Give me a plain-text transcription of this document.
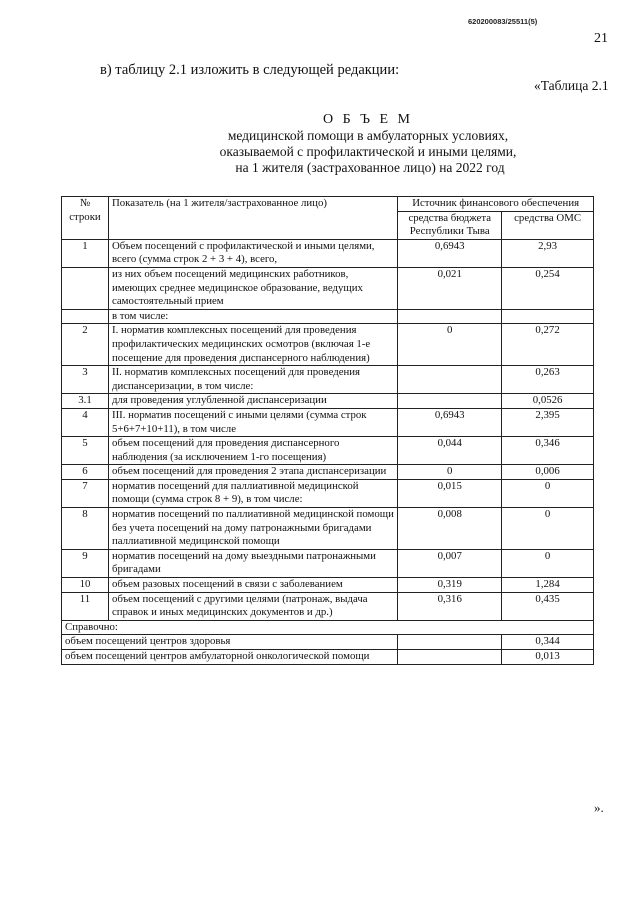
620200083/25511(5)
21
в) таблицу 2.1 изложить в следующей редакции:
«Таблица 2.1
О Б Ъ Е М
медицинской помощи в амбулаторных условиях,
оказываемой с профилактической и иными целями,
на 1 жителя (застрахованное лицо) на 2022 год
№ строки	Показатель (на 1 жителя/застрахованное лицо)	Источник финансового обеспечения	
		средства бюджета Республики Тыва	средства ОМС
1	Объем посещений с профилактической и иными целями, всего (сумма строк 2 + 3 + 4), всего,	0,6943	2,93
	из них объем посещений медицинских работников, имеющих среднее медицинское образование, ведущих самостоятельный прием	0,021	0,254
	в том числе:		
2	I. норматив комплексных посещений для проведения профилактических медицинских осмотров (включая 1-е посещение для проведения диспансерного наблюдения)	0	0,272
3	II. норматив комплексных посещений для проведения диспансеризации, в том числе:		0,263
3.1	для проведения углубленной диспансеризации		0,0526
4	III. норматив посещений с иными целями (сумма строк 5+6+7+10+11), в том числе	0,6943	2,395
5	объем посещений для проведения диспансерного наблюдения (за исключением 1-го посещения)	0,044	0,346
6	объем посещений для проведения 2 этапа диспансеризации	0	0,006
7	норматив посещений для паллиативной медицинской помощи (сумма строк 8 + 9), в том числе:	0,015	0
8	норматив посещений по паллиативной медицинской помощи без учета посещений на дому патронажными бригадами паллиативной медицинской помощи	0,008	0
9	норматив посещений на дому выездными патронажными бригадами	0,007	0
10	объем разовых посещений в связи с заболеванием	0,319	1,284
11	объем посещений с другими целями (патронаж, выдача справок и иных медицинских документов и др.)	0,316	0,435
Справочно:			
объем посещений центров здоровья			0,344
объем посещений центров амбулаторной онкологической помощи			0,013
».
